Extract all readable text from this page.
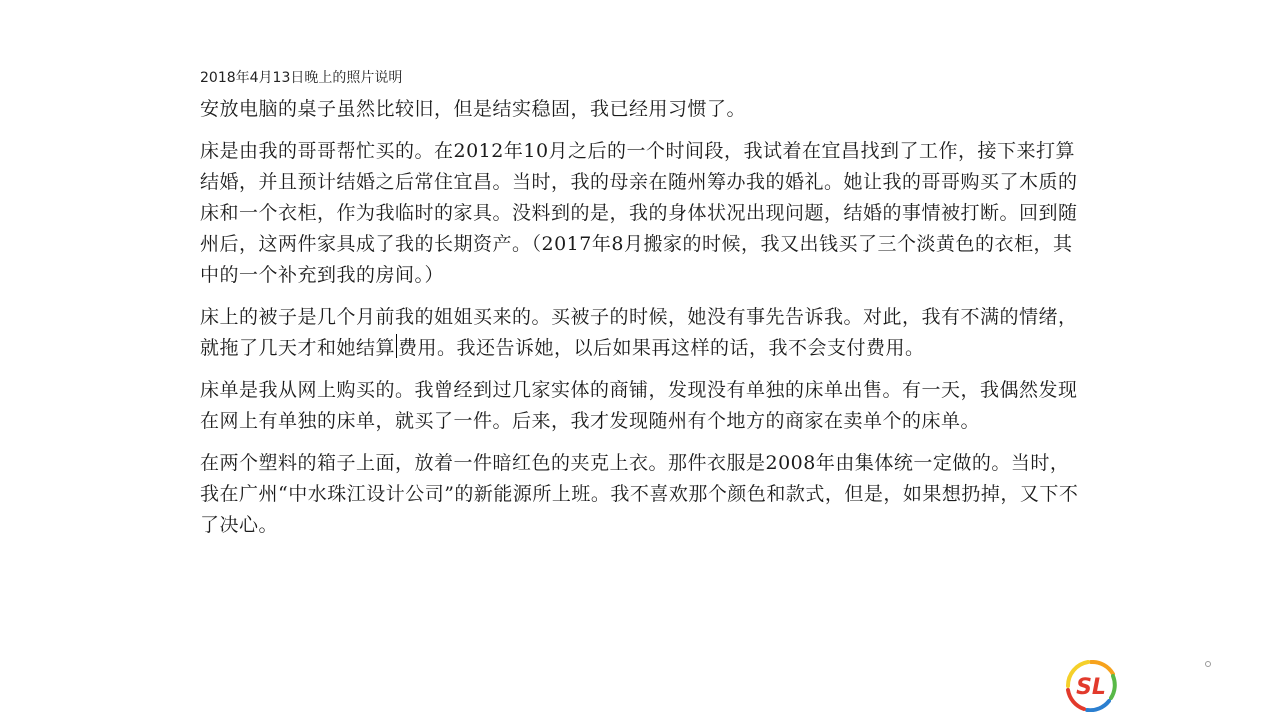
2018年4月13日晚上的照片说明

安放电脑的桌子虽然比较旧，但是结实稳固，我已经用习惯了。

床是由我的哥哥帮忙买的。在2012年10月之后的一个时间段，我试着在宜昌找到了工作，接下来打算结婚，并且预计结婚之后常住宜昌。当时，我的母亲在随州筹办我的婚礼。她让我的哥哥购买了木质的床和一个衣柜，作为我临时的家具。没料到的是，我的身体状况出现问题，结婚的事情被打断。回到随州后，这两件家具成了我的长期资产。（2017年8月搬家的时候，我又出钱买了三个淡黄色的衣柜，其中的一个补充到我的房间。）

床上的被子是几个月前我的姐姐买来的。买被子的时候，她没有事先告诉我。对此，我有不满的情绪，就拖了几天才和她结算 费用。我还告诉她，以后如果再这样的话，我不会支付费用。

床单是我从网上购买的。我曾经到过几家实体的商铺，发现没有单独的床单出售。有一天，我偶然发现在网上有单独的床单，就买了一件。后来，我才发现随州有个地方的商家在卖单个的床单。

在两个塑料的箱子上面，放着一件暗红色的夹克上衣。那件衣服是2008年由集体统一定做的。当时，我在广州“中水珠江设计公司”的新能源所上班。我不喜欢那个颜色和款式，但是，如果想扔掉，又下不了决心。

SL
